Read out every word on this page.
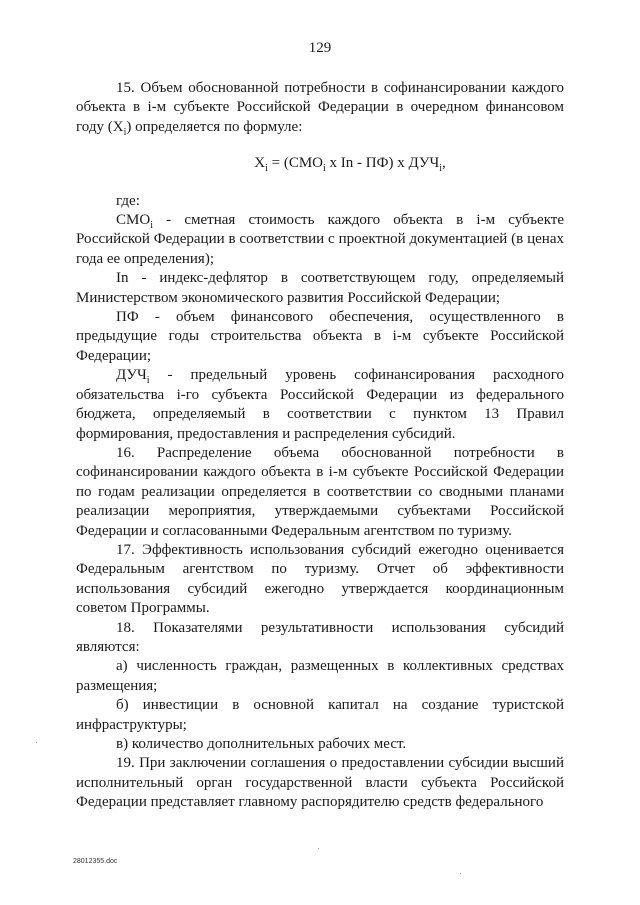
129

15. Объем обоснованной потребности в софинансировании каждого объекта в i-м субъекте Российской Федерации в очередном финансовом году $(X_i)$ определяется по формуле:

$X_i = (СМО_i$ х In - ПФ) х $ДУЧ_i$,

где:

$СМО_i$ - сметная стоимость каждого объекта в i-м субъекте Российской Федерации в соответствии с проектной документацией (в ценах года ее определения);

In - индекс-дефлятор в соответствующем году, определяемый Министерством экономического развития Российской Федерации;

ПФ - объем финансового обеспечения, осуществленного в предыдущие годы строительства объекта в i-м субъекте Российской Федерации;

$ДУЧ_i$ - предельный уровень софинансирования расходного обязательства i-го субъекта Российской Федерации из федерального бюджета, определяемый в соответствии с пунктом 13 Правил формирования, предоставления и распределения субсидий.

16. Распределение объема обоснованной потребности в софинансировании каждого объекта в i-м субъекте Российской Федерации по годам реализации определяется в соответствии со сводными планами реализации мероприятия, утверждаемыми субъектами Российской Федерации и согласованными Федеральным агентством по туризму.

17. Эффективность использования субсидий ежегодно оценивается Федеральным агентством по туризму. Отчет об эффективности использования субсидий ежегодно утверждается координационным советом Программы.

18. Показателями результативности использования субсидий являются:

а) численность граждан, размещенных в коллективных средствах размещения;

б) инвестиции в основной капитал на создание туристской инфраструктуры;

в) количество дополнительных рабочих мест.

19. При заключении соглашения о предоставлении субсидии высший исполнительный орган государственной власти субъекта Российской Федерации представляет главному распорядителю средств федерального

28012355.doc
